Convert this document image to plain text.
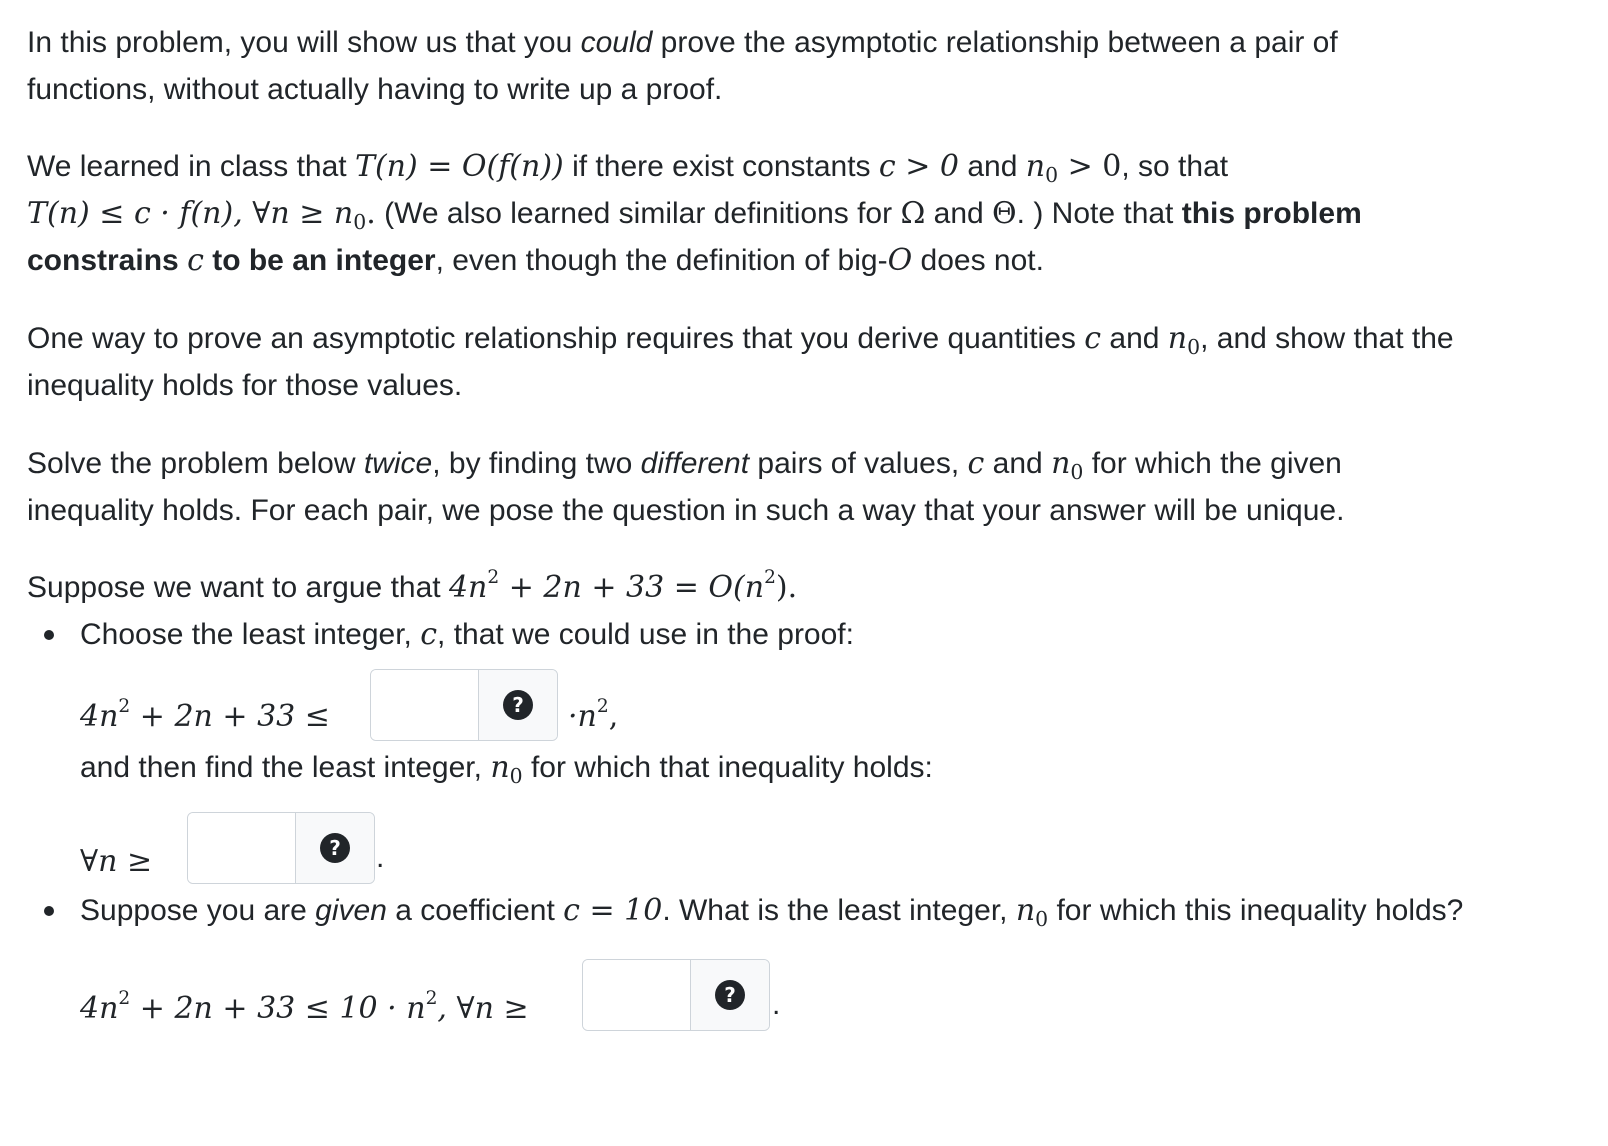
In this problem, you will show us that you could prove the asymptotic relationship between a pair of functions, without actually having to write up a proof.

We learned in class that T(n) = O(f(n)) if there exist constants c > 0 and $n_0 > 0$, so that
T(n) ≤ c · f(n), ∀n ≥ $n_0$. (We also learned similar definitions for Ω and Θ. ) Note that this problem constrains c to be an integer, even though the definition of big-O does not.

One way to prove an asymptotic relationship requires that you derive quantities c and $n_0$, and show that the inequality holds for those values.

Solve the problem below twice, by finding two different pairs of values, c and $n_0$ for which the given inequality holds. For each pair, we pose the question in such a way that your answer will be unique.

Suppose we want to argue that $4n^2 + 2n + 33 = O(n^2)$.

Choose the least integer, c, that we could use in the proof:
$4n^2 + 2n + 33$ ≤	?	$\cdot n^2$,
and then find the least integer, $n_0$ for which that inequality holds:
∀n ≥	?	.
Suppose you are given a coefficient c = 10. What is the least integer, $n_0$ for which this inequality holds?
$4n^2 + 2n + 33 \le 10 \cdot n^2$, ∀n ≥	?	.
